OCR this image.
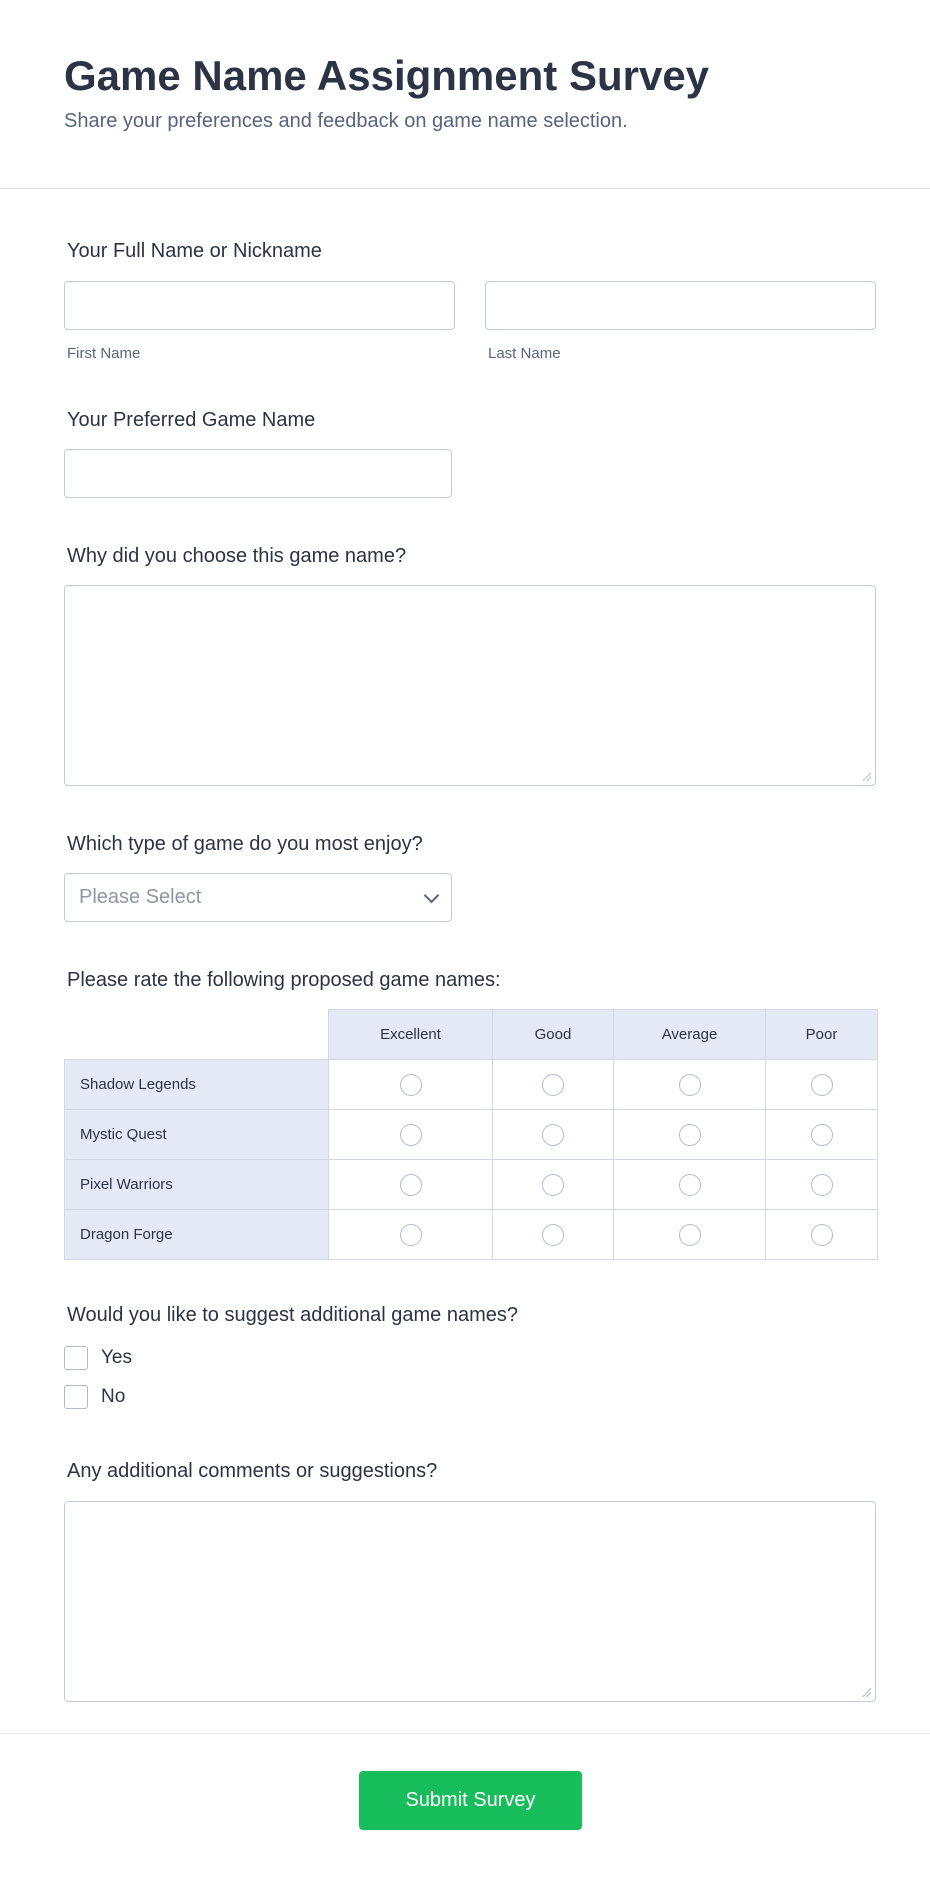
Game Name Assignment Survey

Share your preferences and feedback on game name selection.

Your Full Name or Nickname
First Name	Last Name
Your Preferred Game Name
Why did you choose this game name?
Which type of game do you most enjoy?
Please Select
Please rate the following proposed game names:
	Excellent	Good	Average	Poor
Shadow Legends				
Mystic Quest				
Pixel Warriors				
Dragon Forge				
Would you like to suggest additional game names?
Yes
No
Any additional comments or suggestions?
Submit Survey
